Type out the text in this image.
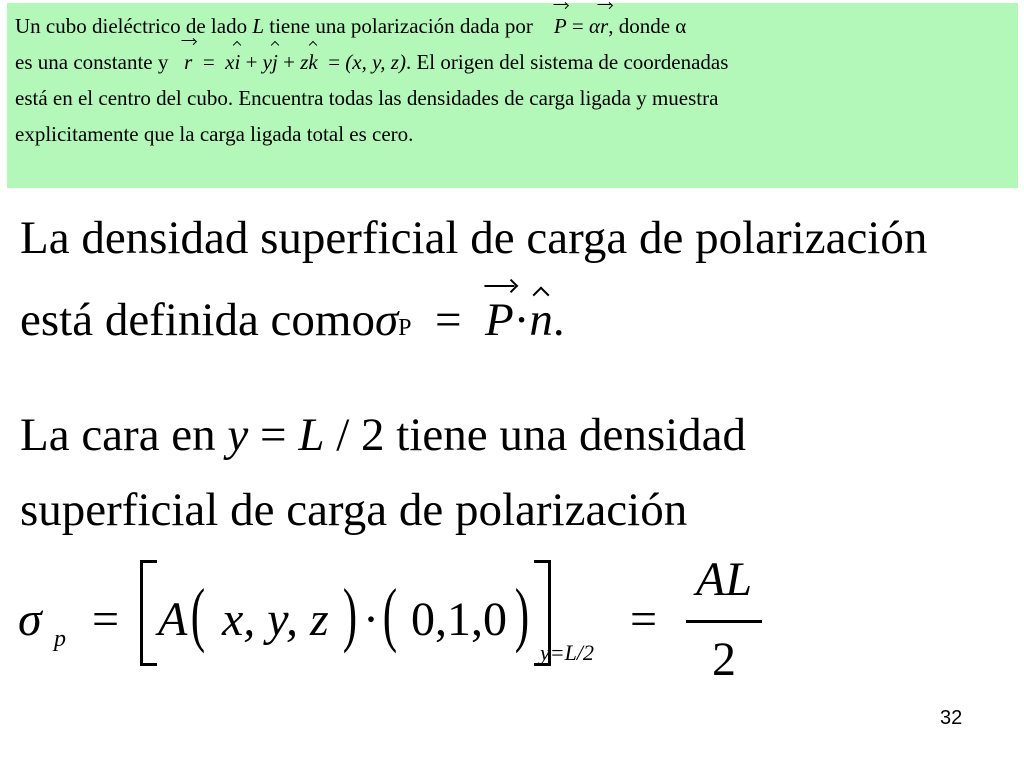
Un cubo dieléctrico de lado L tiene una polarización dada por P = αr, donde α
es una constante y r = xi + yj + zk = (x, y, z). El origen del sistema de coordenadas
está en el centro del cubo. Encuentra todas las densidades de carga ligada y muestra
explicitamente que la carga ligada total es cero.
La densidad superficial de carga de polarización
está definida comoσP = P·n.
La cara en y = L / 2 tiene una densidad
superficial de carga de polarización
σ p = A ( x, y, z ) · ( 0,1,0 ) y=L/2
=
AL
2
32
